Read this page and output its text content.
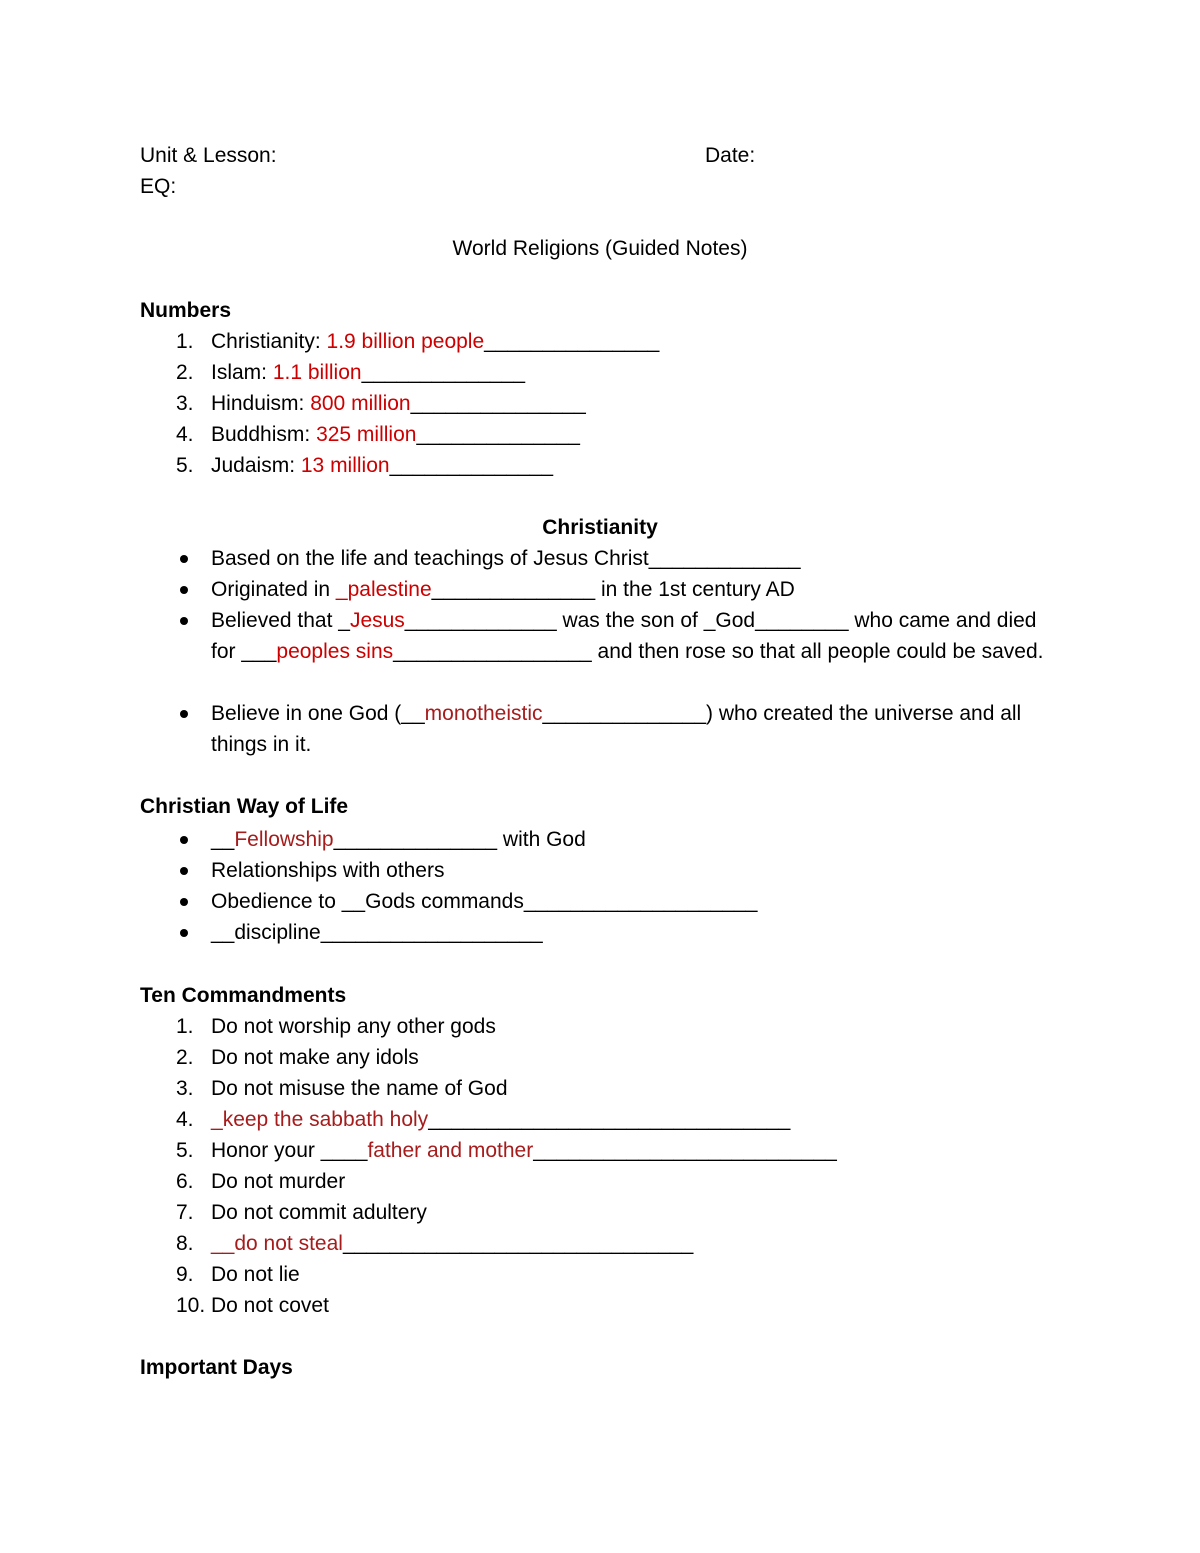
Unit & Lesson:	Date:
EQ:
World Religions (Guided Notes)
Numbers
1. Christianity: 1.9 billion people_______________
2. Islam: 1.1 billion______________
3. Hinduism: 800 million_______________
4. Buddhism: 325 million______________
5. Judaism: 13 million______________
Christianity
Based on the life and teachings of Jesus Christ_____________
Originated in _palestine______________ in the 1st century AD
Believed that _Jesus_____________ was the son of _God________ who came and died for ___peoples sins_________________ and then rose so that all people could be saved.
Believe in one God (__monotheistic______________) who created the universe and all things in it.
Christian Way of Life
__Fellowship______________ with God
Relationships with others
Obedience to __Gods commands____________________
__discipline___________________
Ten Commandments
1. Do not worship any other gods
2. Do not make any idols
3. Do not misuse the name of God
4. _keep the sabbath holy_______________________________
5. Honor your ____father and mother__________________________
6. Do not murder
7. Do not commit adultery
8. __do not steal______________________________
9. Do not lie
10. Do not covet
Important Days
